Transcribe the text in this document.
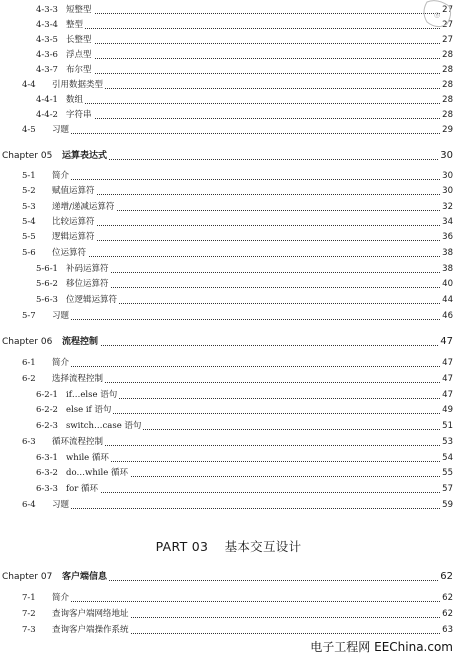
4-3-3 短整型	27
4-3-4 整型	27
4-3-5 长整型	27
4-3-6 浮点型	28
4-3-7 布尔型	28
4-4 引用数据类型	28
4-4-1 数组	28
4-4-2 字符串	28
4-5 习题	29
Chapter 05 运算表达式	30
5-1 简介	30
5-2 赋值运算符	30
5-3 递增/递减运算符	32
5-4 比较运算符	34
5-5 逻辑运算符	36
5-6 位运算符	38
5-6-1 补码运算符	38
5-6-2 移位运算符	40
5-6-3 位逻辑运算符	44
5-7 习题	46
Chapter 06 流程控制	47
6-1 简介	47
6-2 选择流程控制	47
6-2-1 if…else 语句	47
6-2-2 else if 语句	49
6-2-3 switch…case 语句	51
6-3 循环流程控制	53
6-3-1 while 循环	54
6-3-2 do…while 循环	55
6-3-3 for 循环	57
6-4 习题	59
PART 03 基本交互设计
Chapter 07 客户端信息	62
7-1 简介	62
7-2 查询客户端网络地址	62
7-3 查询客户端操作系统	63
◎
电子工程网 EEChina.com
